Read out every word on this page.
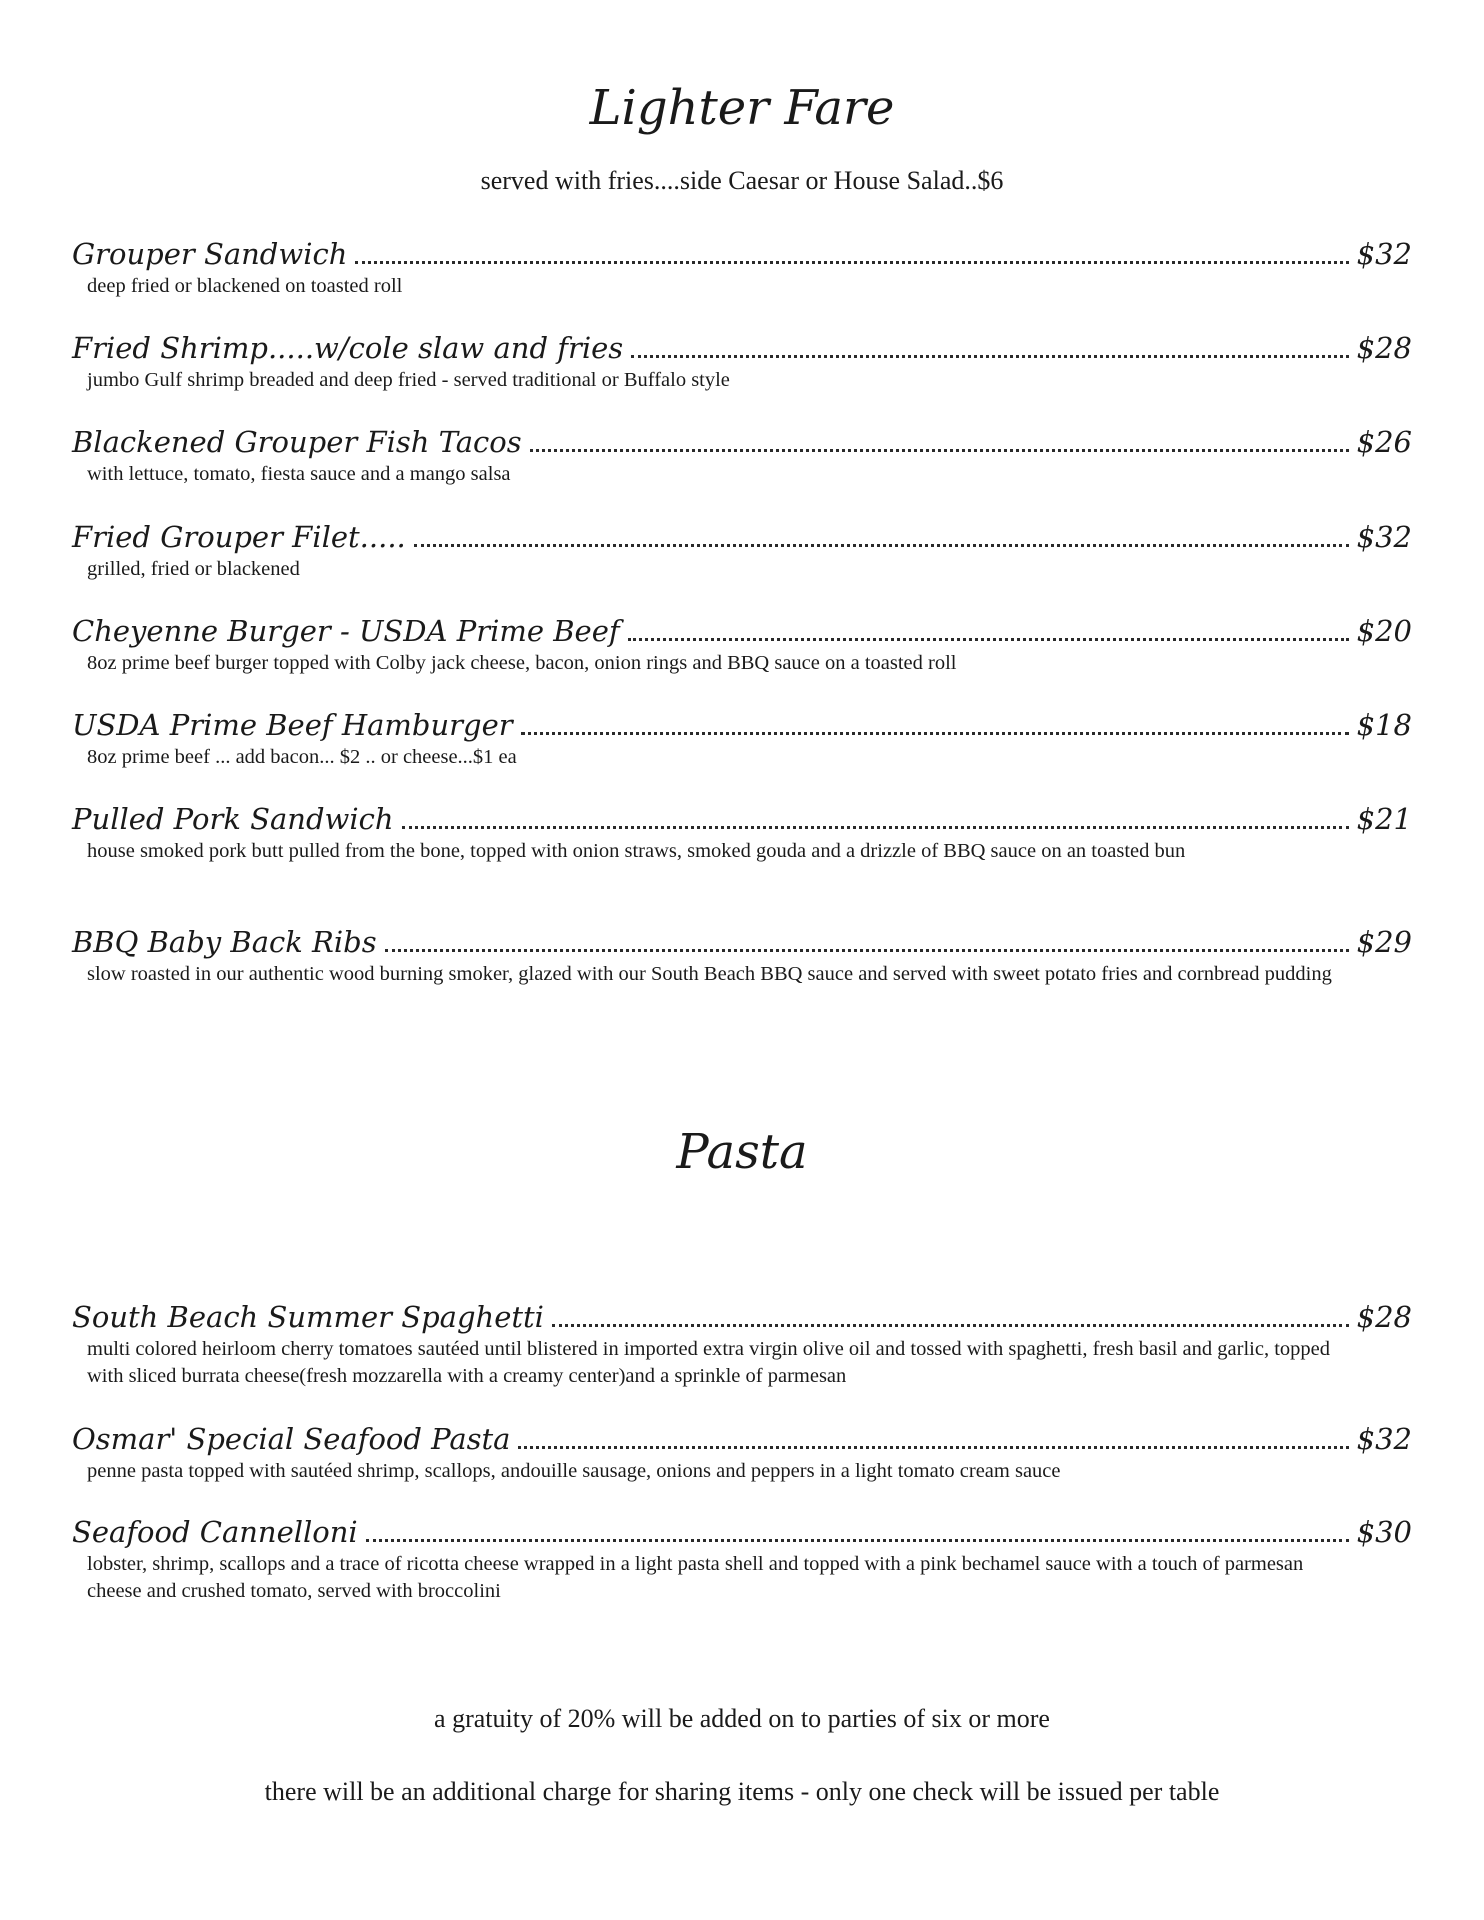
Lighter Fare
served with fries....side Caesar or House Salad..$6
Grouper Sandwich	$32
deep fried or blackened on toasted roll
Fried Shrimp.....w/cole slaw and fries	$28
jumbo Gulf shrimp breaded and deep fried - served traditional or Buffalo style
Blackened Grouper Fish Tacos	$26
with lettuce, tomato, fiesta sauce and a mango salsa
Fried Grouper Filet.....	$32
grilled, fried or blackened
Cheyenne Burger - USDA Prime Beef	$20
8oz prime beef burger topped with Colby jack cheese, bacon, onion rings and BBQ sauce on a toasted roll
USDA Prime Beef Hamburger	$18
8oz prime beef ... add bacon... $2 .. or cheese...$1 ea
Pulled Pork Sandwich	$21
house smoked pork butt pulled from the bone, topped with onion straws, smoked gouda and a drizzle of BBQ sauce on an toasted bun
BBQ Baby Back Ribs	$29
slow roasted in our authentic wood burning smoker, glazed with our South Beach BBQ sauce and served with sweet potato fries and cornbread pudding
Pasta
South Beach Summer Spaghetti	$28
multi colored heirloom cherry tomatoes sautéed until blistered in imported extra virgin olive oil and tossed with spaghetti, fresh basil and garlic, topped with sliced burrata cheese(fresh mozzarella with a creamy center)and a sprinkle of parmesan
Osmar' Special Seafood Pasta	$32
penne pasta topped with sautéed shrimp, scallops, andouille sausage, onions and peppers in a light tomato cream sauce
Seafood Cannelloni	$30
lobster, shrimp, scallops and a trace of ricotta cheese wrapped in a light pasta shell and topped with a pink bechamel sauce with a touch of parmesan cheese and crushed tomato, served with broccolini
a gratuity of 20% will be added on to parties of six or more
there will be an additional charge for sharing items - only one check will be issued per table
